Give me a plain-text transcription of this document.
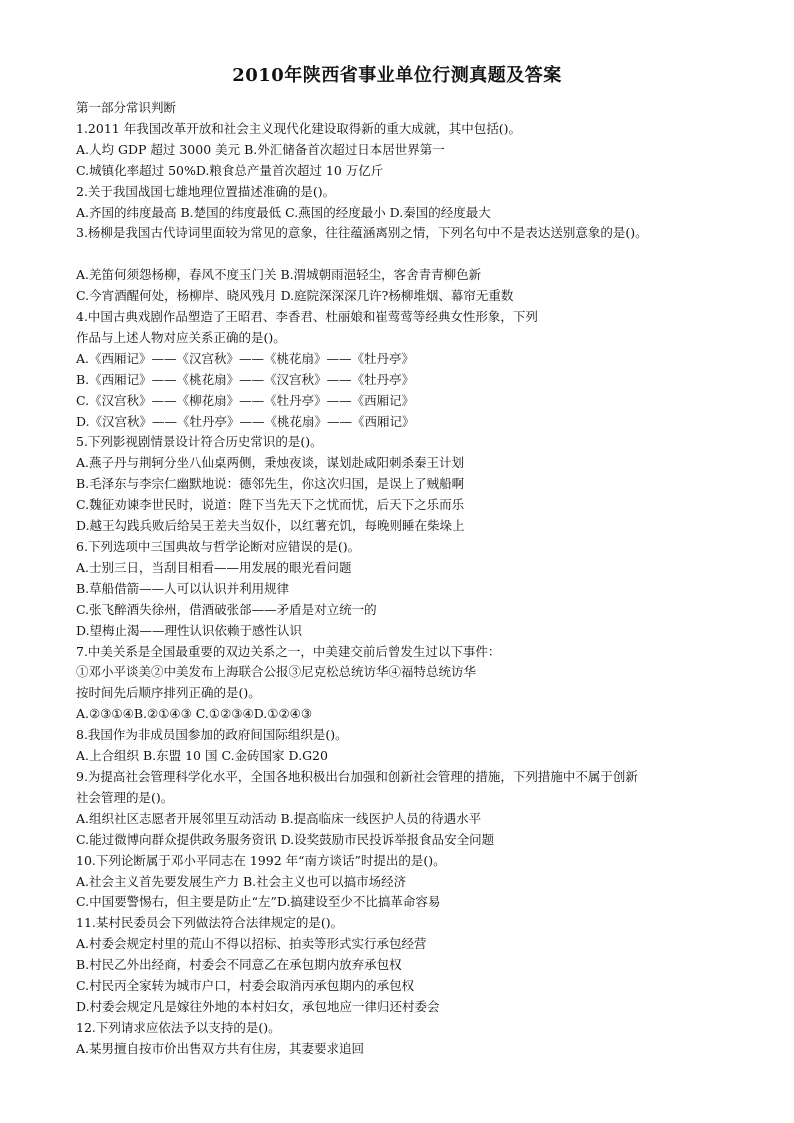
2010年陕西省事业单位行测真题及答案
第一部分常识判断
1.2011 年我国改革开放和社会主义现代化建设取得新的重大成就，其中包括()。
A.人均 GDP 超过 3000 美元 B.外汇储备首次超过日本居世界第一
C.城镇化率超过 50%D.粮食总产量首次超过 10 万亿斤
2.关于我国战国七雄地理位置描述准确的是()。
A.齐国的纬度最高 B.楚国的纬度最低 C.燕国的经度最小 D.秦国的经度最大
3.杨柳是我国古代诗词里面较为常见的意象，往往蕴涵离别之情，下列名句中不是表达送别意象的是()。
A.羌笛何须怨杨柳，春风不度玉门关 B.渭城朝雨浥轻尘，客舍青青柳色新
C.今宵酒醒何处，杨柳岸、晓风残月 D.庭院深深深几许?杨柳堆烟、幕帘无重数
4.中国古典戏剧作品塑造了王昭君、李香君、杜丽娘和崔莺莺等经典女性形象，下列
作品与上述人物对应关系正确的是()。
A.《西厢记》——《汉宫秋》——《桃花扇》——《牡丹亭》
B.《西厢记》——《桃花扇》——《汉宫秋》——《牡丹亭》
C.《汉宫秋》——《柳花扇》——《牡丹亭》——《西厢记》
D.《汉宫秋》——《牡丹亭》——《桃花扇》——《西厢记》
5.下列影视剧情景设计符合历史常识的是()。
A.燕子丹与荆轲分坐八仙桌两侧，秉烛夜谈，谋划赴咸阳刺杀秦王计划
B.毛泽东与李宗仁幽默地说：德邻先生，你这次归国，是误上了贼船啊
C.魏征劝谏李世民时，说道：陛下当先天下之忧而忧，后天下之乐而乐
D.越王勾践兵败后给吴王差夫当奴仆，以红薯充饥，每晚则睡在柴垛上
6.下列选项中三国典故与哲学论断对应错误的是()。
A.士别三日，当刮目相看——用发展的眼光看问题
B.草船借箭——人可以认识并利用规律
C.张飞醉酒失徐州，借酒破张郃——矛盾是对立统一的
D.望梅止渴——理性认识依赖于感性认识
7.中美关系是全国最重要的双边关系之一，中美建交前后曾发生过以下事件：
①邓小平谈美②中美发布上海联合公报③尼克松总统访华④福特总统访华
按时间先后顺序排列正确的是()。
A.②③①④B.②①④③ C.①②③④D.①②④③
8.我国作为非成员国参加的政府间国际组织是()。
A.上合组织 B.东盟 10 国 C.金砖国家 D.G20
9.为提高社会管理科学化水平，全国各地积极出台加强和创新社会管理的措施，下列措施中不属于创新
社会管理的是()。
A.组织社区志愿者开展邻里互动活动 B.提高临床一线医护人员的待遇水平
C.能过微博向群众提供政务服务资讯 D.设奖鼓励市民投诉举报食品安全问题
10.下列论断属于邓小平同志在 1992 年“南方谈话”时提出的是()。
A.社会主义首先要发展生产力 B.社会主义也可以搞市场经济
C.中国要警惕右，但主要是防止“左”D.搞建设至少不比搞革命容易
11.某村民委员会下列做法符合法律规定的是()。
A.村委会规定村里的荒山不得以招标、拍卖等形式实行承包经营
B.村民乙外出经商，村委会不同意乙在承包期内放弃承包权
C.村民丙全家转为城市户口，村委会取消丙承包期内的承包权
D.村委会规定凡是嫁往外地的本村妇女，承包地应一律归还村委会
12.下列请求应依法予以支持的是()。
A.某男擅自按市价出售双方共有住房，其妻要求追回
